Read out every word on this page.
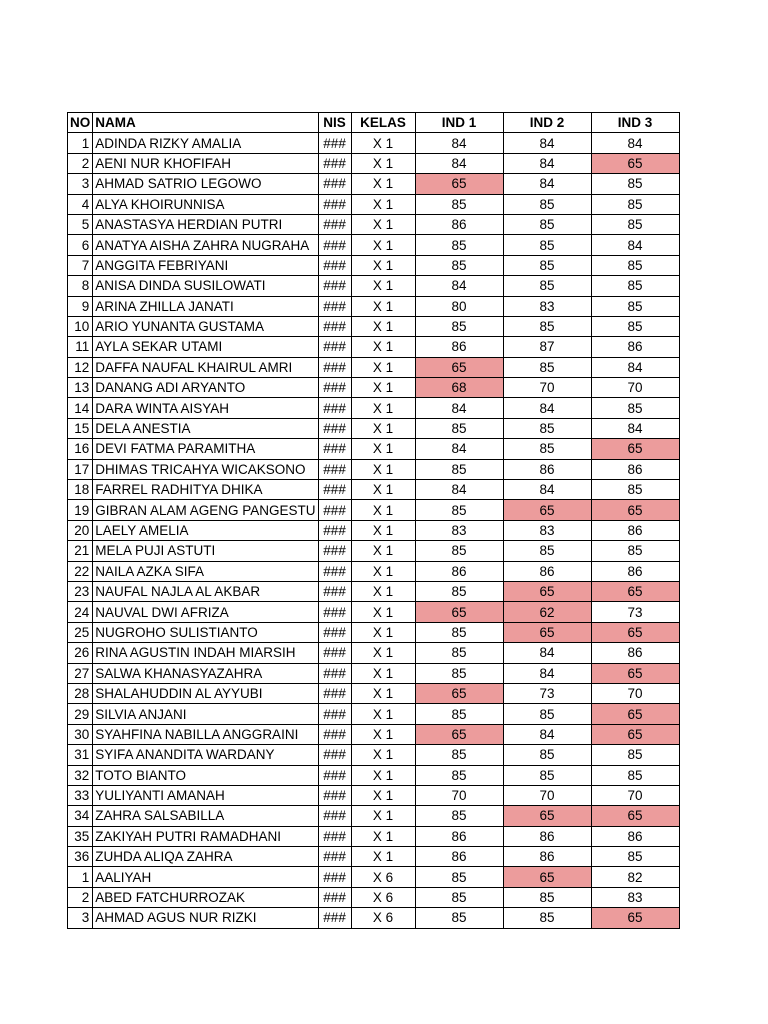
NO	NAMA	NIS	KELAS	IND 1	IND 2	IND 3
1	ADINDA RIZKY AMALIA	###	X 1	84	84	84
2	AENI NUR KHOFIFAH	###	X 1	84	84	65
3	AHMAD SATRIO LEGOWO	###	X 1	65	84	85
4	ALYA KHOIRUNNISA	###	X 1	85	85	85
5	ANASTASYA HERDIAN PUTRI	###	X 1	86	85	85
6	ANATYA AISHA ZAHRA NUGRAHA	###	X 1	85	85	84
7	ANGGITA FEBRIYANI	###	X 1	85	85	85
8	ANISA DINDA SUSILOWATI	###	X 1	84	85	85
9	ARINA ZHILLA JANATI	###	X 1	80	83	85
10	ARIO YUNANTA GUSTAMA	###	X 1	85	85	85
11	AYLA SEKAR UTAMI	###	X 1	86	87	86
12	DAFFA NAUFAL KHAIRUL AMRI	###	X 1	65	85	84
13	DANANG ADI ARYANTO	###	X 1	68	70	70
14	DARA WINTA AISYAH	###	X 1	84	84	85
15	DELA ANESTIA	###	X 1	85	85	84
16	DEVI FATMA PARAMITHA	###	X 1	84	85	65
17	DHIMAS TRICAHYA WICAKSONO	###	X 1	85	86	86
18	FARREL RADHITYA DHIKA	###	X 1	84	84	85
19	GIBRAN ALAM AGENG PANGESTU	###	X 1	85	65	65
20	LAELY AMELIA	###	X 1	83	83	86
21	MELA PUJI ASTUTI	###	X 1	85	85	85
22	NAILA AZKA SIFA	###	X 1	86	86	86
23	NAUFAL NAJLA AL AKBAR	###	X 1	85	65	65
24	NAUVAL DWI AFRIZA	###	X 1	65	62	73
25	NUGROHO SULISTIANTO	###	X 1	85	65	65
26	RINA AGUSTIN INDAH MIARSIH	###	X 1	85	84	86
27	SALWA KHANASYAZAHRA	###	X 1	85	84	65
28	SHALAHUDDIN AL AYYUBI	###	X 1	65	73	70
29	SILVIA ANJANI	###	X 1	85	85	65
30	SYAHFINA NABILLA ANGGRAINI	###	X 1	65	84	65
31	SYIFA ANANDITA WARDANY	###	X 1	85	85	85
32	TOTO BIANTO	###	X 1	85	85	85
33	YULIYANTI AMANAH	###	X 1	70	70	70
34	ZAHRA SALSABILLA	###	X 1	85	65	65
35	ZAKIYAH PUTRI RAMADHANI	###	X 1	86	86	86
36	ZUHDA ALIQA ZAHRA	###	X 1	86	86	85
1	AALIYAH	###	X 6	85	65	82
2	ABED FATCHURROZAK	###	X 6	85	85	83
3	AHMAD AGUS NUR RIZKI	###	X 6	85	85	65
